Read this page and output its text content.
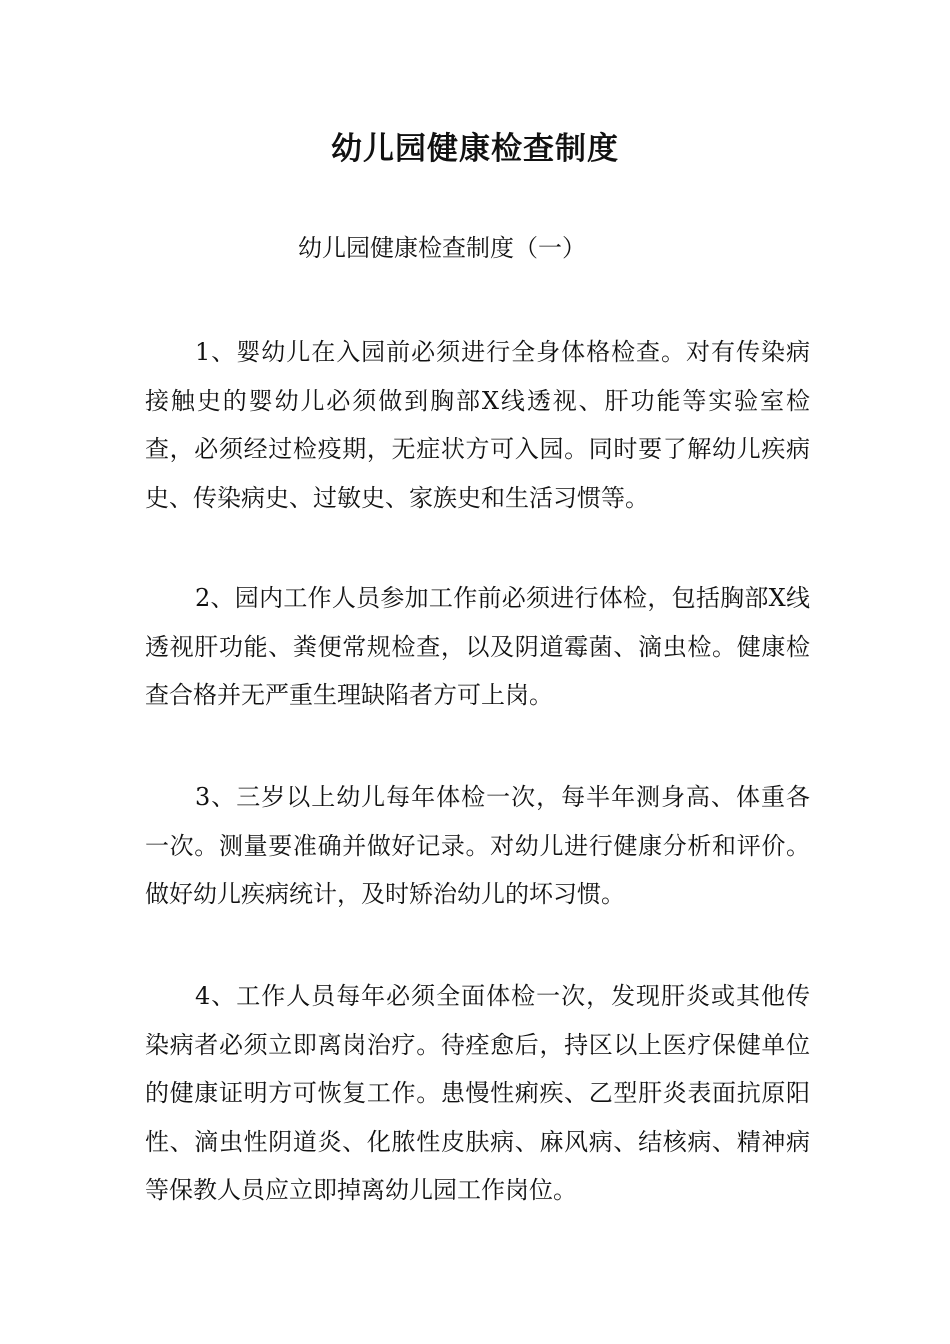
幼儿园健康检查制度
幼儿园健康检查制度（一）

1、婴幼儿在入园前必须进行全身体格检查。对有传染病接触史的婴幼儿必须做到胸部X线透视、肝功能等实验室检查，必须经过检疫期，无症状方可入园。同时要了解幼儿疾病史、传染病史、过敏史、家族史和生活习惯等。

2、园内工作人员参加工作前必须进行体检，包括胸部X线透视肝功能、粪便常规检查，以及阴道霉菌、滴虫检。健康检查合格并无严重生理缺陷者方可上岗。

3、三岁以上幼儿每年体检一次，每半年测身高、体重各一次。测量要准确并做好记录。对幼儿进行健康分析和评价。做好幼儿疾病统计，及时矫治幼儿的坏习惯。

4、工作人员每年必须全面体检一次，发现肝炎或其他传染病者必须立即离岗治疗。待痊愈后，持区以上医疗保健单位的健康证明方可恢复工作。患慢性痢疾、乙型肝炎表面抗原阳性、滴虫性阴道炎、化脓性皮肤病、麻风病、结核病、精神病等保教人员应立即掉离幼儿园工作岗位。
